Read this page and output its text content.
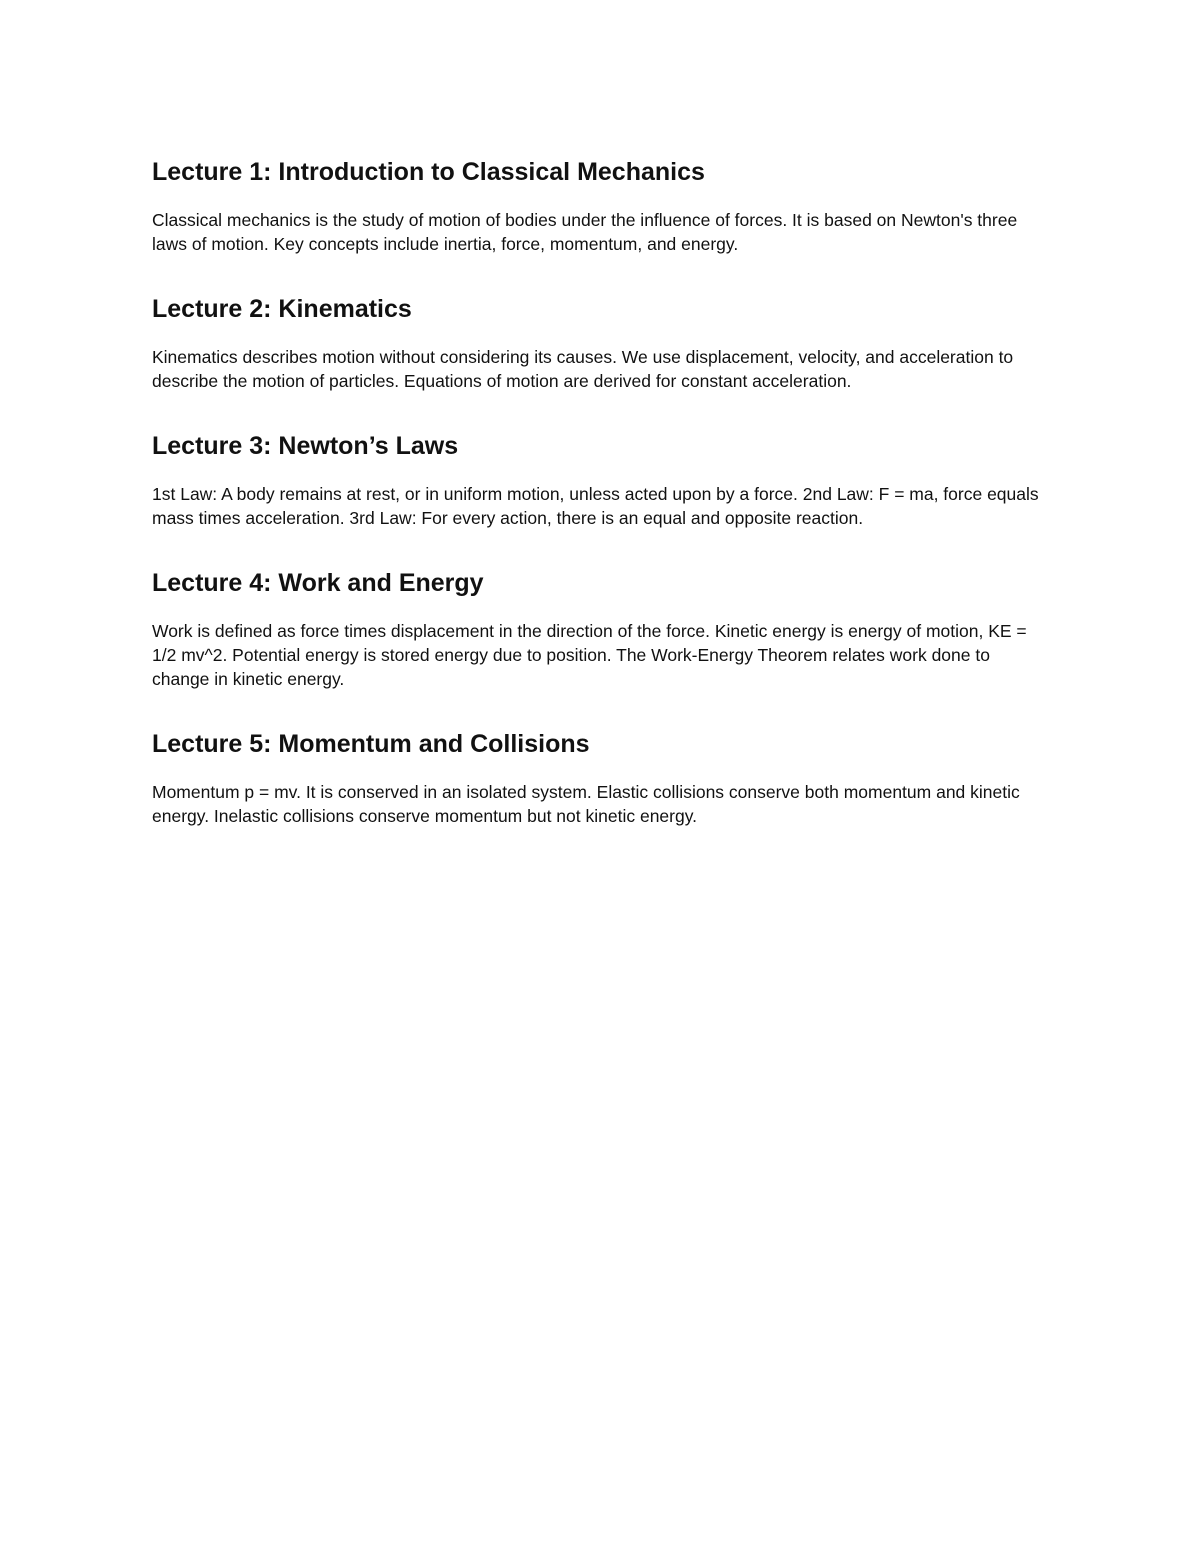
Lecture 1: Introduction to Classical Mechanics

Classical mechanics is the study of motion of bodies under the influence of forces. It is based on Newton's three laws of motion. Key concepts include inertia, force, momentum, and energy.

Lecture 2: Kinematics

Kinematics describes motion without considering its causes. We use displacement, velocity, and acceleration to describe the motion of particles. Equations of motion are derived for constant acceleration.

Lecture 3: Newton’s Laws

1st Law: A body remains at rest, or in uniform motion, unless acted upon by a force. 2nd Law: F = ma, force equals mass times acceleration. 3rd Law: For every action, there is an equal and opposite reaction.

Lecture 4: Work and Energy

Work is defined as force times displacement in the direction of the force. Kinetic energy is energy of motion, KE = 1/2 mv^2. Potential energy is stored energy due to position. The Work-Energy Theorem relates work done to change in kinetic energy.

Lecture 5: Momentum and Collisions

Momentum p = mv. It is conserved in an isolated system. Elastic collisions conserve both momentum and kinetic energy. Inelastic collisions conserve momentum but not kinetic energy.
